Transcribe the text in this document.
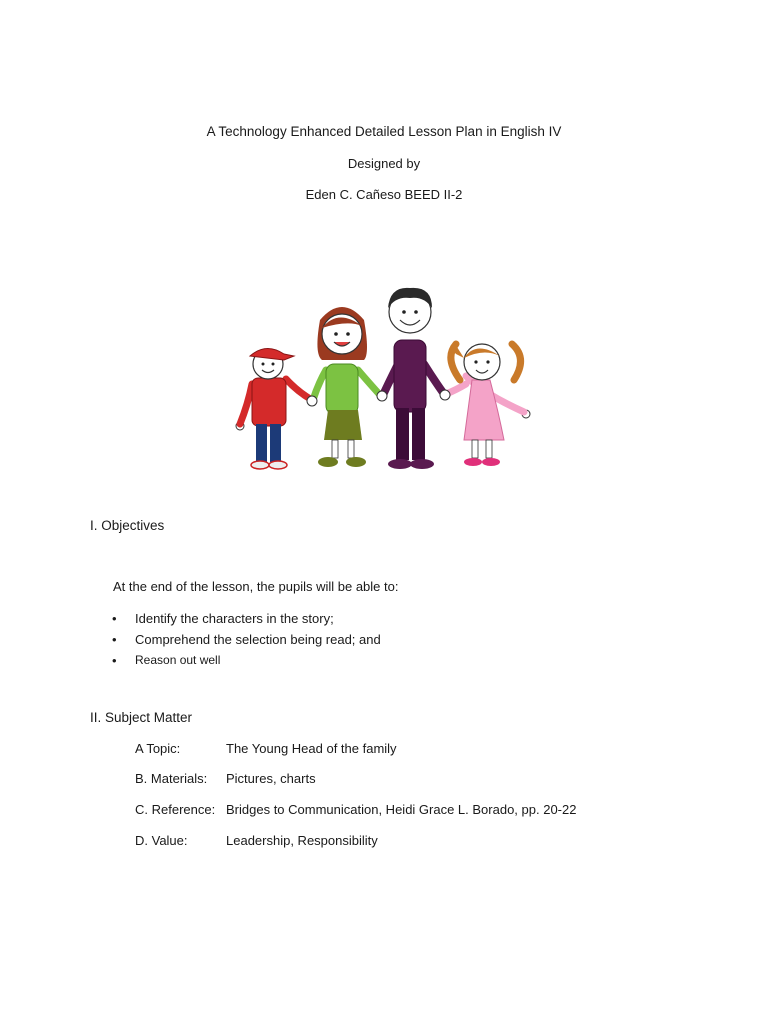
A Technology Enhanced Detailed Lesson Plan in English IV
Designed by
Eden C. Cañeso BEED II-2
I. Objectives
At the end of the lesson, the pupils will be able to:
• Identify the characters in the story;
• Comprehend the selection being read; and
• Reason out well
II. Subject Matter
A Topic:	The Young Head of the family
B. Materials: Pictures, charts
C. Reference: Bridges to Communication, Heidi Grace L. Borado, pp. 20-22
D. Value:	Leadership, Responsibility
